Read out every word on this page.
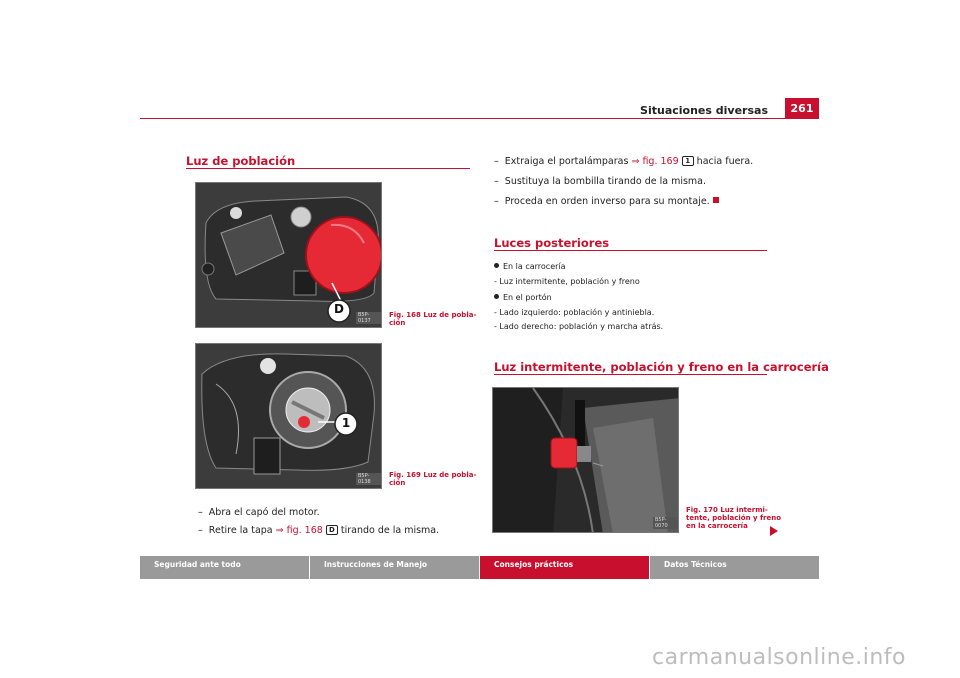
Situaciones diversas	261
Luz de población
D	B5P-0137
Fig. 168 Luz de pobla-
ción
1
B5P-0138
Fig. 169 Luz de pobla-
ción
–  Abra el capó del motor.
–  Retire la tapa ⇒ fig. 168 D tirando de la misma.
–  Extraiga el portalámparas ⇒ fig. 169 1 hacia fuera.
–  Sustituya la bombilla tirando de la misma.
–  Proceda en orden inverso para su montaje.
Luces posteriores
En la carrocería
- Luz intermitente, población y freno
En el portón
- Lado izquierdo: población y antiniebla.
- Lado derecho: población y marcha atrás.
Luz intermitente, población y freno en la carrocería
B5P-0070
Fig. 170 Luz intermi-
tente, población y freno
en la carrocería
Seguridad ante todo	Instrucciones de Manejo	Consejos prácticos	Datos Técnicos
carmanualsonline.info
